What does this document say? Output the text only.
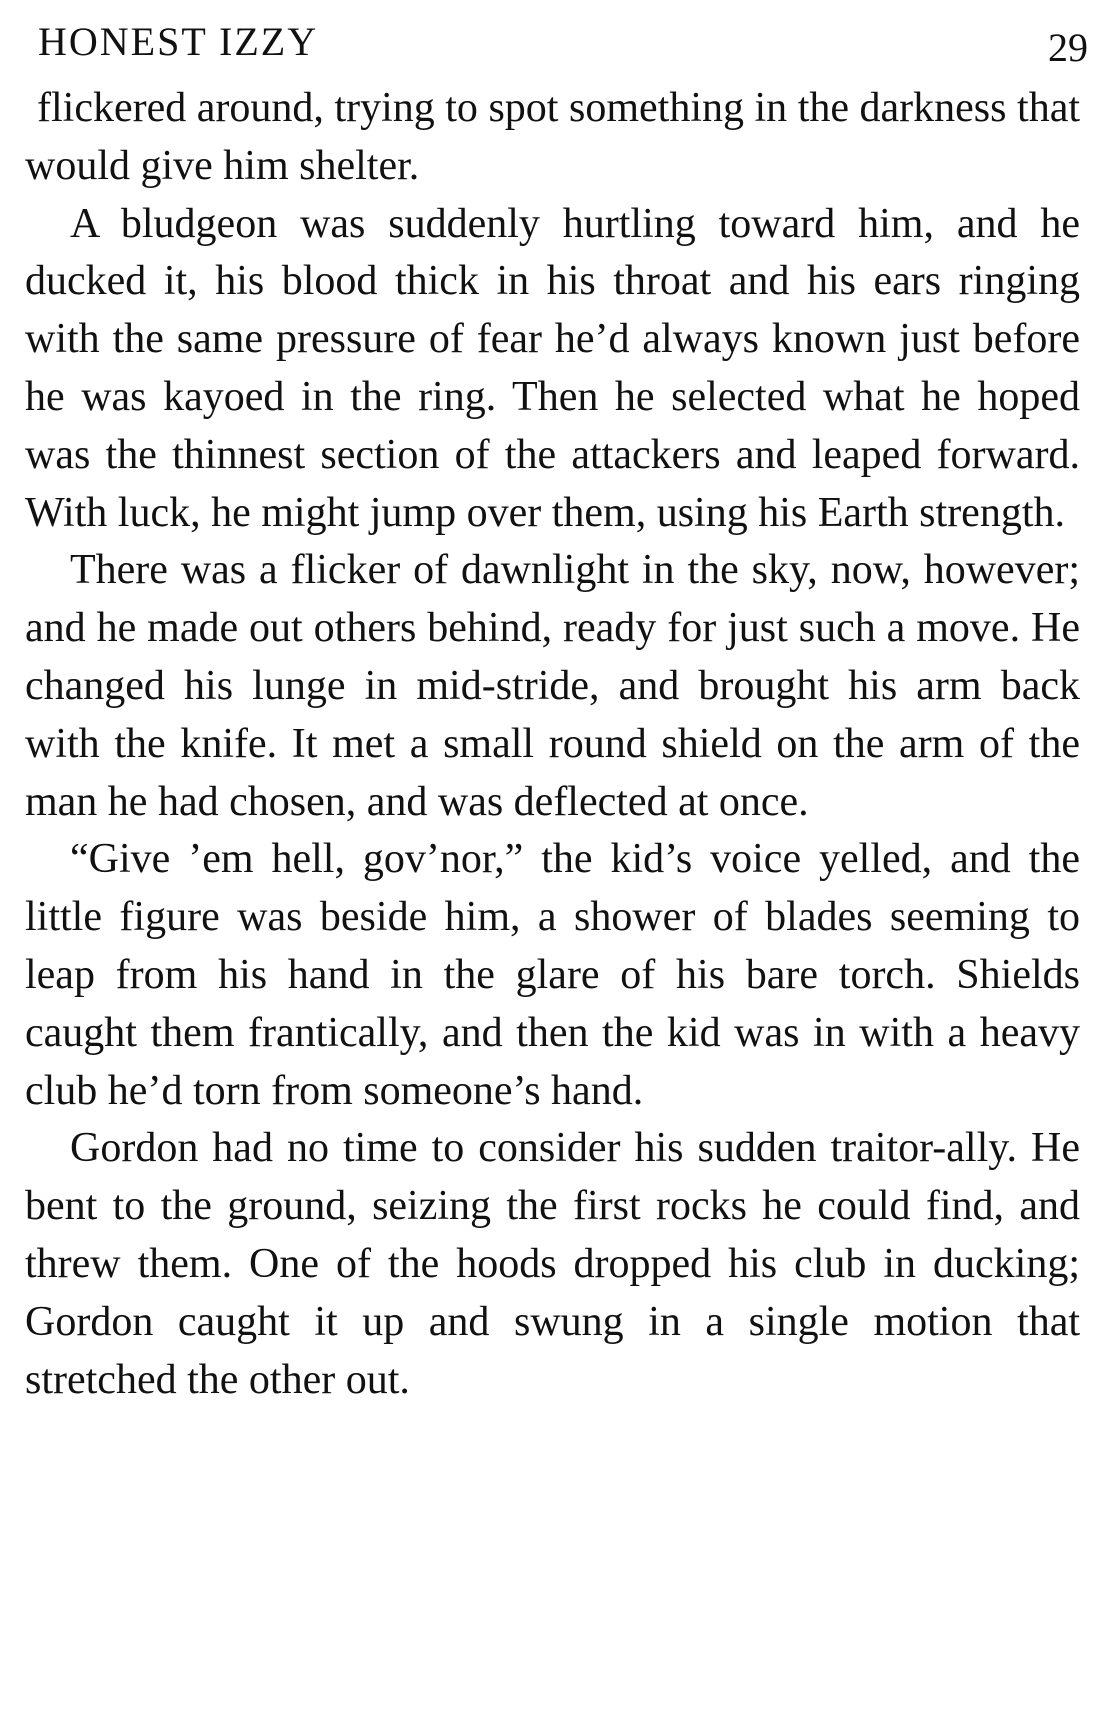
HONEST IZZY	29

flickered around, trying to spot something in the darkness that would give him shelter.

A bludgeon was suddenly hurtling toward him, and he ducked it, his blood thick in his throat and his ears ringing with the same pressure of fear he’d always known just before he was kayoed in the ring. Then he selected what he hoped was the thinnest section of the attackers and leaped forward. With luck, he might jump over them, using his Earth strength.

There was a flicker of dawnlight in the sky, now, however; and he made out others behind, ready for just such a move. He changed his lunge in mid-stride, and brought his arm back with the knife. It met a small round shield on the arm of the man he had chosen, and was deflected at once.

“Give ’em hell, gov’nor,” the kid’s voice yelled, and the little figure was beside him, a shower of blades seeming to leap from his hand in the glare of his bare torch. Shields caught them frantically, and then the kid was in with a heavy club he’d torn from someone’s hand.

Gordon had no time to consider his sudden traitor-ally. He bent to the ground, seizing the first rocks he could find, and threw them. One of the hoods dropped his club in ducking; Gordon caught it up and swung in a single motion that stretched the other out.
